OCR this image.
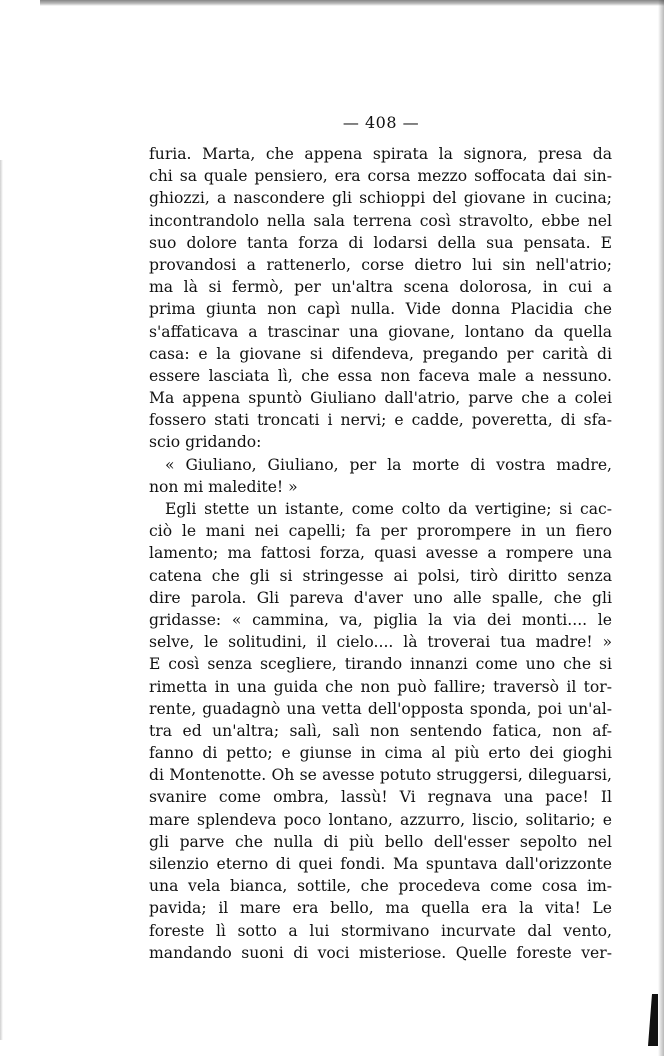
— 408 —
furia. Marta, che appena spirata la signora, presa da
chi sa quale pensiero, era corsa mezzo soffocata dai sin-
ghiozzi, a nascondere gli schioppi del giovane in cucina;
incontrandolo nella sala terrena così stravolto, ebbe nel
suo dolore tanta forza di lodarsi della sua pensata. E
provandosi a rattenerlo, corse dietro lui sin nell'atrio;
ma là si fermò, per un'altra scena dolorosa, in cui a
prima giunta non capì nulla. Vide donna Placidia che
s'affaticava a trascinar una giovane, lontano da quella
casa: e la giovane si difendeva, pregando per carità di
essere lasciata lì, che essa non faceva male a nessuno.
Ma appena spuntò Giuliano dall'atrio, parve che a colei
fossero stati troncati i nervi; e cadde, poveretta, di sfa-
scio gridando:
« Giuliano, Giuliano, per la morte di vostra madre,
non mi maledite! »
Egli stette un istante, come colto da vertigine; si cac-
ciò le mani nei capelli; fa per prorompere in un fiero
lamento; ma fattosi forza, quasi avesse a rompere una
catena che gli si stringesse ai polsi, tirò diritto senza
dire parola. Gli pareva d'aver uno alle spalle, che gli
gridasse: « cammina, va, piglia la via dei monti.... le
selve, le solitudini, il cielo.... là troverai tua madre! »
E così senza scegliere, tirando innanzi come uno che si
rimetta in una guida che non può fallire; traversò il tor-
rente, guadagnò una vetta dell'opposta sponda, poi un'al-
tra ed un'altra; salì, salì non sentendo fatica, non af-
fanno di petto; e giunse in cima al più erto dei gioghi
di Montenotte. Oh se avesse potuto struggersi, dileguarsi,
svanire come ombra, lassù! Vi regnava una pace! Il
mare splendeva poco lontano, azzurro, liscio, solitario; e
gli parve che nulla di più bello dell'esser sepolto nel
silenzio eterno di quei fondi. Ma spuntava dall'orizzonte
una vela bianca, sottile, che procedeva come cosa im-
pavida; il mare era bello, ma quella era la vita! Le
foreste lì sotto a lui stormivano incurvate dal vento,
mandando suoni di voci misteriose. Quelle foreste ver-
